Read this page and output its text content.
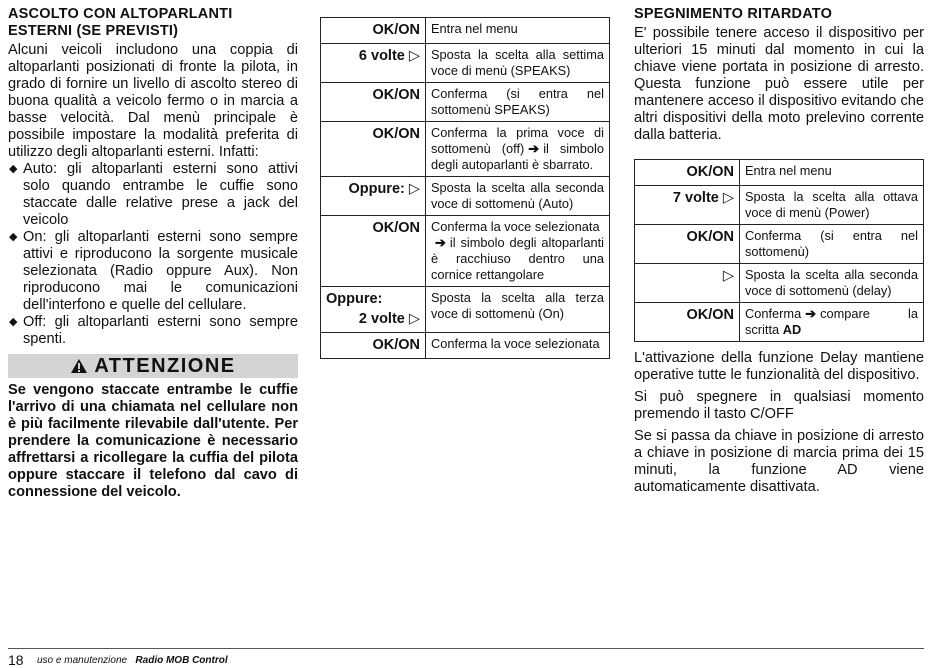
ASCOLTO CON ALTOPARLANTI ESTERNI (SE PREVISTI)

Alcuni veicoli includono una coppia di altoparlanti posizionati di fronte la pilota, in grado di fornire un livello di ascolto stereo di buona qualità a veicolo fermo o in marcia a basse velocità. Dal menù principale è possibile impostare la modalità preferita di utilizzo degli altoparlanti esterni. Infatti:

◆ Auto: gli altoparlanti esterni sono attivi solo quando entrambe le cuffie sono staccate dalle relative prese a jack del veicolo
◆ On: gli altoparlanti esterni sono sempre attivi e riproducono la sorgente musicale selezionata (Radio oppure Aux). Non riproducono mai le comunicazioni dell'interfono e quelle del cellulare.
◆ Off: gli altoparlanti esterni sono sempre spenti.
ATTENZIONE
Se vengono staccate entrambe le cuffie l'arrivo di una chiamata nel cellulare non è più facilmente rilevabile dall'utente. Per prendere la comunicazione è necessario affrettarsi a ricollegare la cuffia del pilota oppure staccare il telefono dal cavo di connessione del veicolo.
OK/ON	Entra nel menu
6 volte ▷	Sposta la scelta alla settima voce di menù (SPEAKS)
OK/ON	Conferma (si entra nel sottomenù SPEAKS)
OK/ON	Conferma la prima voce di sottomenù (off) ➔ il simbolo degli autoparlanti è sbarrato.
Oppure: ▷	Sposta la scelta alla seconda voce di sottomenù (Auto)
OK/ON	Conferma la voce selezionata
➔ il simbolo degli altoparlanti è racchiuso dentro una cornice rettangolare

Oppure:
2 volte ▷	Sposta la scelta alla terza voce di sottomenù (On)
OK/ON	Conferma la voce selezionata
SPEGNIMENTO RITARDATO

E' possibile tenere acceso il dispositivo per ulteriori 15 minuti dal momento in cui la chiave viene portata in posizione di arresto. Questa funzione può essere utile per mantenere acceso il dispositivo evitando che altri dispositivi della moto prelevino corrente dalla batteria.

OK/ON	Entra nel menu
7 volte ▷	Sposta la scelta alla ottava voce di menù (Power)
OK/ON	Conferma (si entra nel sottomenù)
▷	Sposta la scelta alla seconda voce di sottomenù (delay)
OK/ON	Conferma ➔ compare la scritta AD

L'attivazione della funzione Delay mantiene operative tutte le funzionalità del dispositivo.

Si può spegnere in qualsiasi momento premendo il tasto C/OFF

Se si passa da chiave in posizione di arresto a chiave in posizione di marcia prima dei 15 minuti, la funzione AD viene automaticamente disattivata.

18 uso e manutenzione Radio MOB Control
